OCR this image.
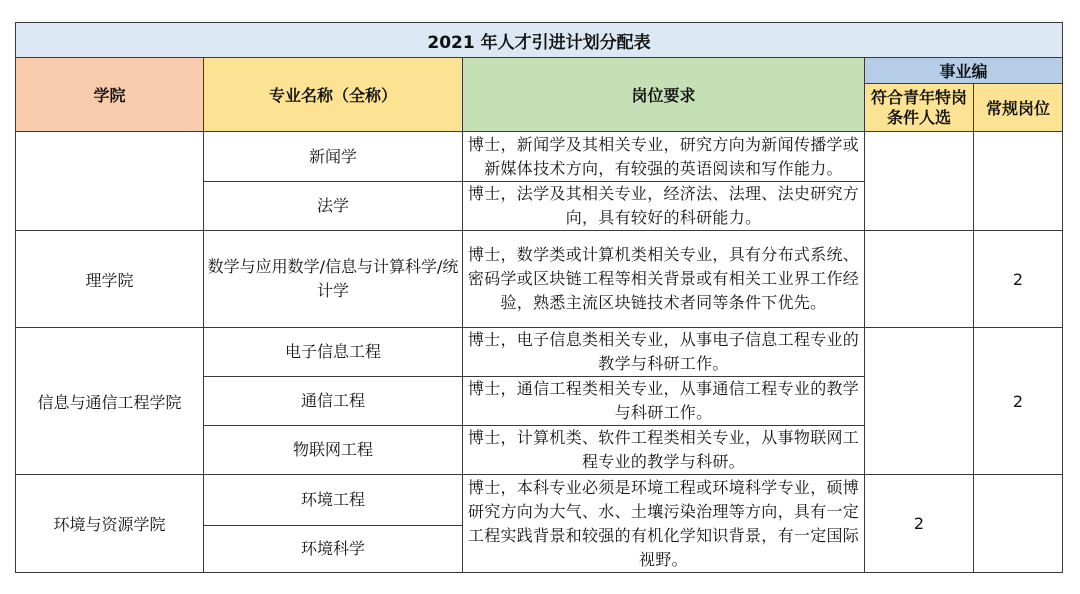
2021 年人才引进计划分配表				
学院	专业名称（全称）	岗位要求	事业编	
			符合青年特岗条件人选	常规岗位
	新闻学	博士，新闻学及其相关专业，研究方向为新闻传播学或新媒体技术方向，有较强的英语阅读和写作能力。		
	法学	博士，法学及其相关专业，经济法、法理、法史研究方向，具有较好的科研能力。		
理学院	数学与应用数学/信息与计算科学/统计学	博士，数学类或计算机类相关专业，具有分布式系统、密码学或区块链工程等相关背景或有相关工业界工作经验，熟悉主流区块链技术者同等条件下优先。		2
信息与通信工程学院	电子信息工程	博士，电子信息类相关专业，从事电子信息工程专业的教学与科研工作。		2
	通信工程	博士，通信工程类相关专业，从事通信工程专业的教学与科研工作。		
	物联网工程	博士，计算机类、软件工程类相关专业，从事物联网工程专业的教学与科研。		
环境与资源学院	环境工程	博士，本科专业必须是环境工程或环境科学专业，硕博研究方向为大气、水、土壤污染治理等方向，具有一定工程实践背景和较强的有机化学知识背景，有一定国际视野。	2	
	环境科学			
